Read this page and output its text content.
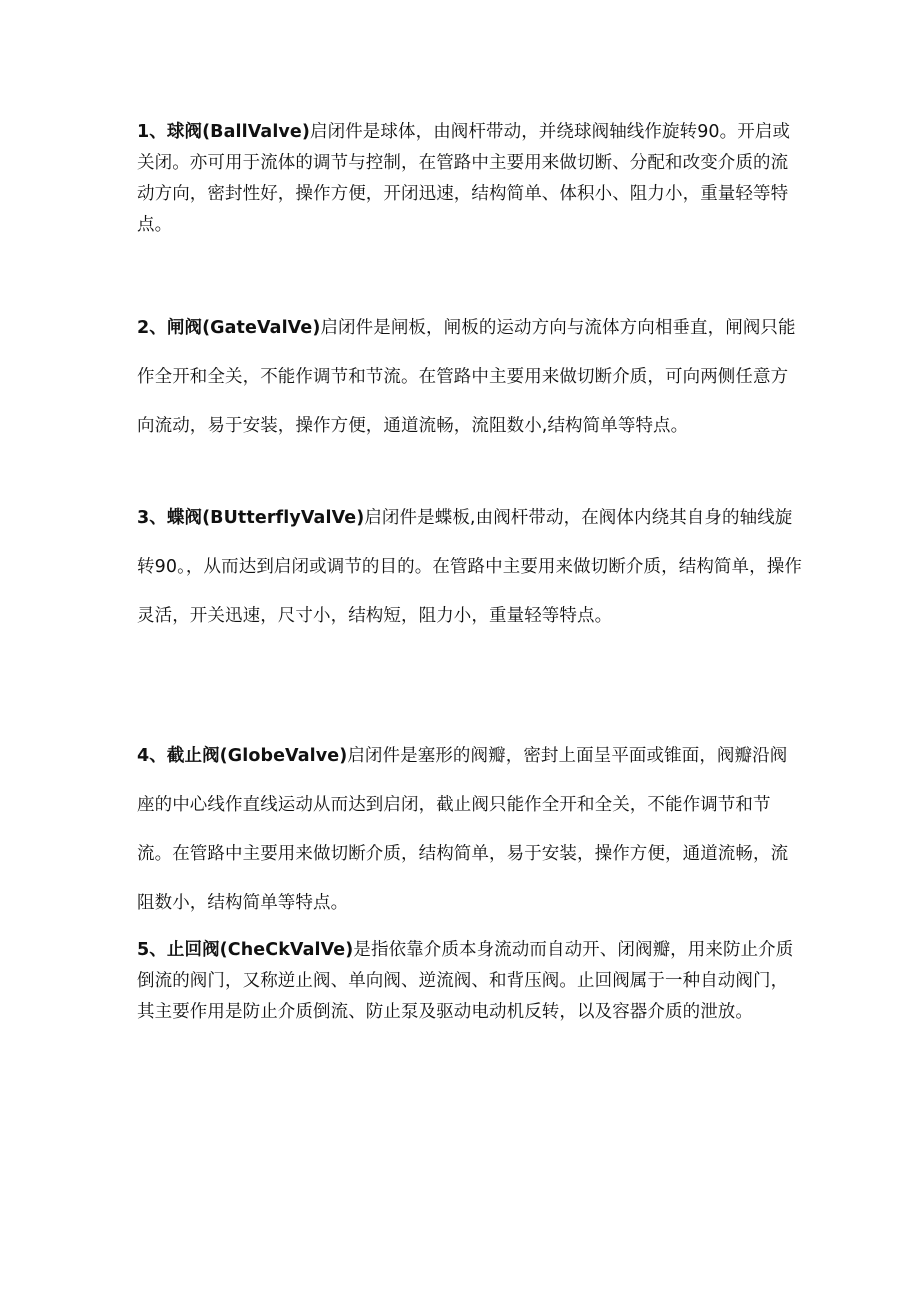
1、球阀(BallValve)启闭件是球体，由阀杆带动，并绕球阀轴线作旋转90。开启或关闭。亦可用于流体的调节与控制，在管路中主要用来做切断、分配和改变介质的流动方向，密封性好，操作方便，开闭迅速，结构简单、体积小、阻力小，重量轻等特点。

2、闸阀(GateValVe)启闭件是闸板，闸板的运动方向与流体方向相垂直，闸阀只能作全开和全关，不能作调节和节流。在管路中主要用来做切断介质，可向两侧任意方向流动，易于安装，操作方便，通道流畅，流阻数小,结构简单等特点。

3、蝶阀(BUtterflyValVe)启闭件是蝶板,由阀杆带动，在阀体内绕其自身的轴线旋转90。，从而达到启闭或调节的目的。在管路中主要用来做切断介质，结构简单，操作灵活，开关迅速，尺寸小，结构短，阻力小，重量轻等特点。

4、截止阀(GlobeValve)启闭件是塞形的阀瓣，密封上面呈平面或锥面，阀瓣沿阀座的中心线作直线运动从而达到启闭，截止阀只能作全开和全关，不能作调节和节流。在管路中主要用来做切断介质，结构简单，易于安装，操作方便，通道流畅，流阻数小，结构简单等特点。

5、止回阀(CheCkValVe)是指依靠介质本身流动而自动开、闭阀瓣，用来防止介质倒流的阀门，又称逆止阀、单向阀、逆流阀、和背压阀。止回阀属于一种自动阀门，其主要作用是防止介质倒流、防止泵及驱动电动机反转，以及容器介质的泄放。
